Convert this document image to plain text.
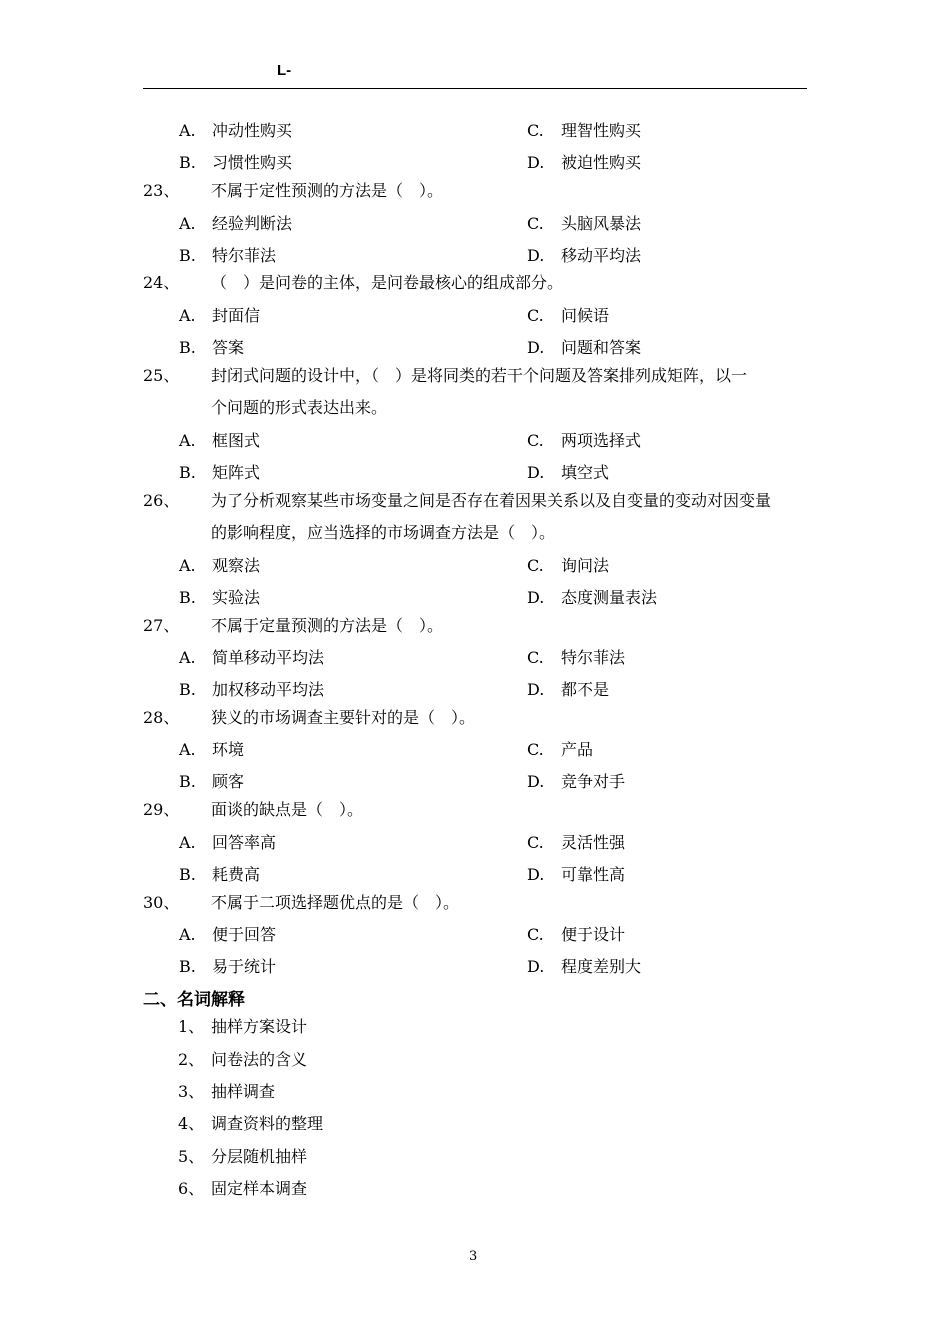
L-
A. 冲动性购买	C. 理智性购买
B. 习惯性购买	D. 被迫性购买
23、 不属于定性预测的方法是（　）。
A. 经验判断法	C. 头脑风暴法
B. 特尔菲法	D. 移动平均法
24、 （　）是问卷的主体，是问卷最核心的组成部分。
A. 封面信	C. 问候语
B. 答案	D. 问题和答案
25、 封闭式问题的设计中，（　）是将同类的若干个问题及答案排列成矩阵，以一
个问题的形式表达出来。
A. 框图式	C. 两项选择式
B. 矩阵式	D. 填空式
26、 为了分析观察某些市场变量之间是否存在着因果关系以及自变量的变动对因变量
的影响程度，应当选择的市场调查方法是（　）。
A. 观察法	C. 询问法
B. 实验法	D. 态度测量表法
27、 不属于定量预测的方法是（　）。
A. 简单移动平均法	C. 特尔菲法
B. 加权移动平均法	D. 都不是
28、 狭义的市场调查主要针对的是（　）。
A. 环境	C. 产品
B. 顾客	D. 竞争对手
29、 面谈的缺点是（　）。
A. 回答率高	C. 灵活性强
B. 耗费高	D. 可靠性高
30、 不属于二项选择题优点的是（　）。
A. 便于回答	C. 便于设计
B. 易于统计	D. 程度差别大
二、名词解释
1、 抽样方案设计
2、 问卷法的含义
3、 抽样调查
4、 调查资料的整理
5、 分层随机抽样
6、 固定样本调查
3
